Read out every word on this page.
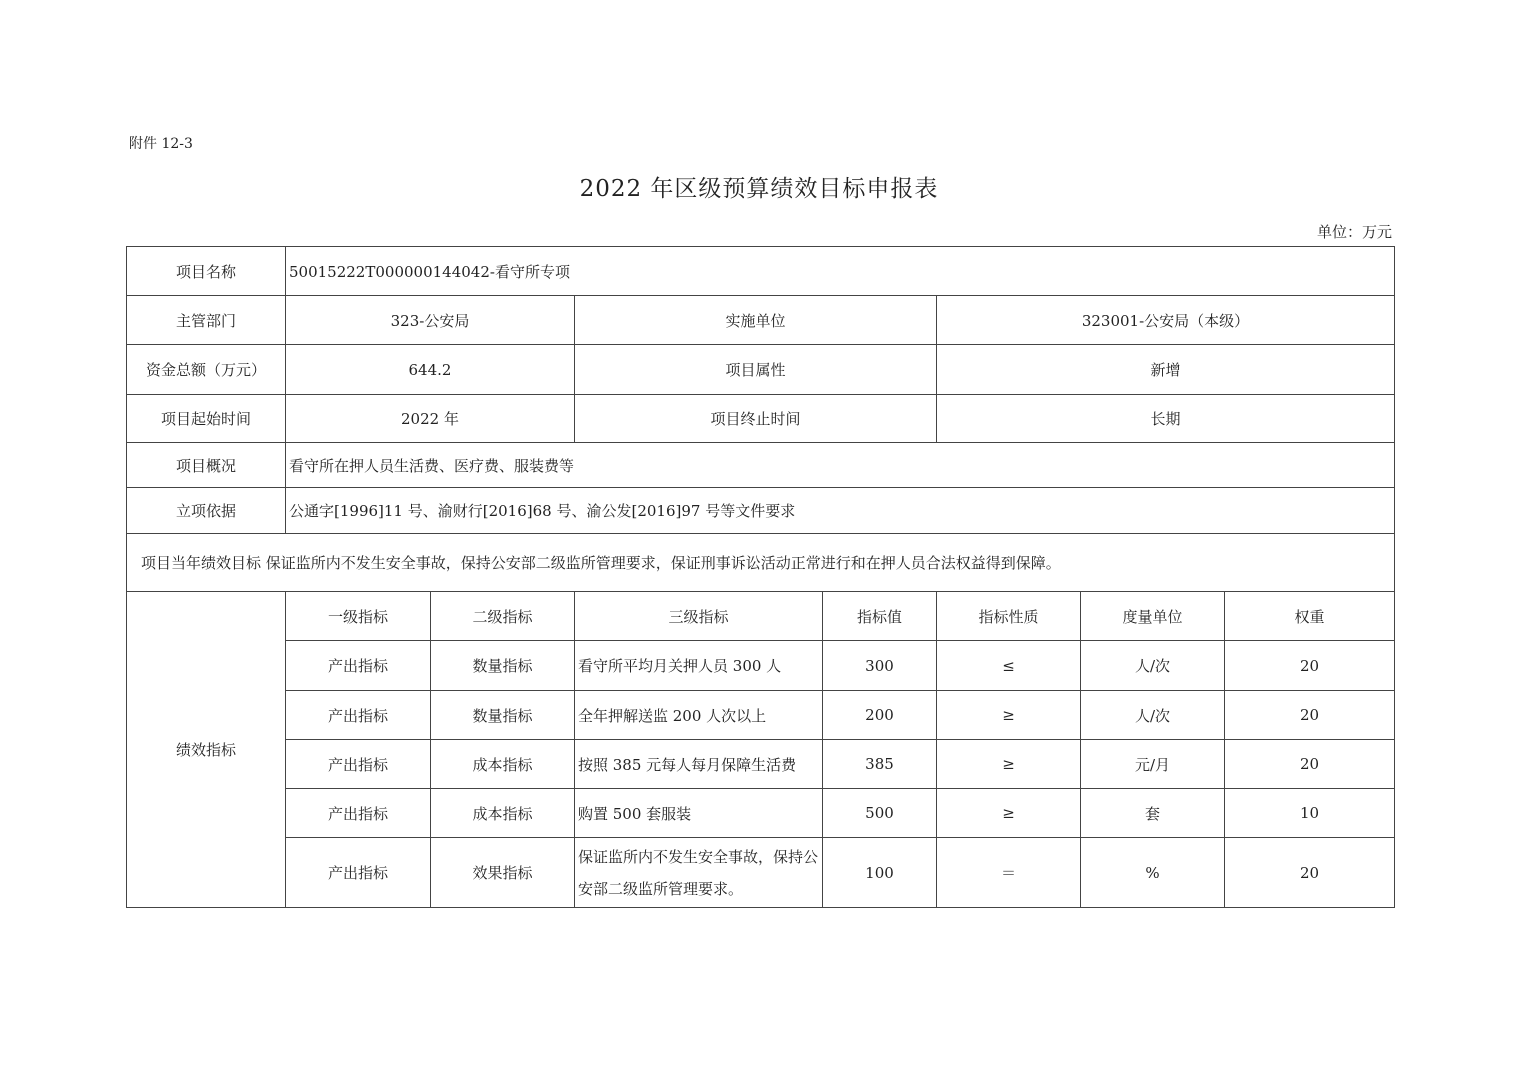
附件 12-3
2022 年区级预算绩效目标申报表
单位：万元
项目名称	50015222T000000144042-看守所专项						
主管部门	323-公安局		实施单位		323001-公安局（本级）		
资金总额（万元）	644.2		项目属性		新增		
项目起始时间	2022 年		项目终止时间		长期		
项目概况	看守所在押人员生活费、医疗费、服装费等						
立项依据	公通字[1996]11 号、渝财行[2016]68 号、渝公发[2016]97 号等文件要求						
项目当年绩效目标 保证监所内不发生安全事故，保持公安部二级监所管理要求，保证刑事诉讼活动正常进行和在押人员合法权益得到保障。							
绩效指标	一级指标	二级指标	三级指标	指标值	指标性质	度量单位	权重
	产出指标	数量指标	看守所平均月关押人员 300 人	300	≤	人/次	20
	产出指标	数量指标	全年押解送监 200 人次以上	200	≥	人/次	20
	产出指标	成本指标	按照 385 元每人每月保障生活费	385	≥	元/月	20
	产出指标	成本指标	购置 500 套服装	500	≥	套	10
	产出指标	效果指标	保证监所内不发生安全事故，保持公安部二级监所管理要求。	100	＝	%	20
